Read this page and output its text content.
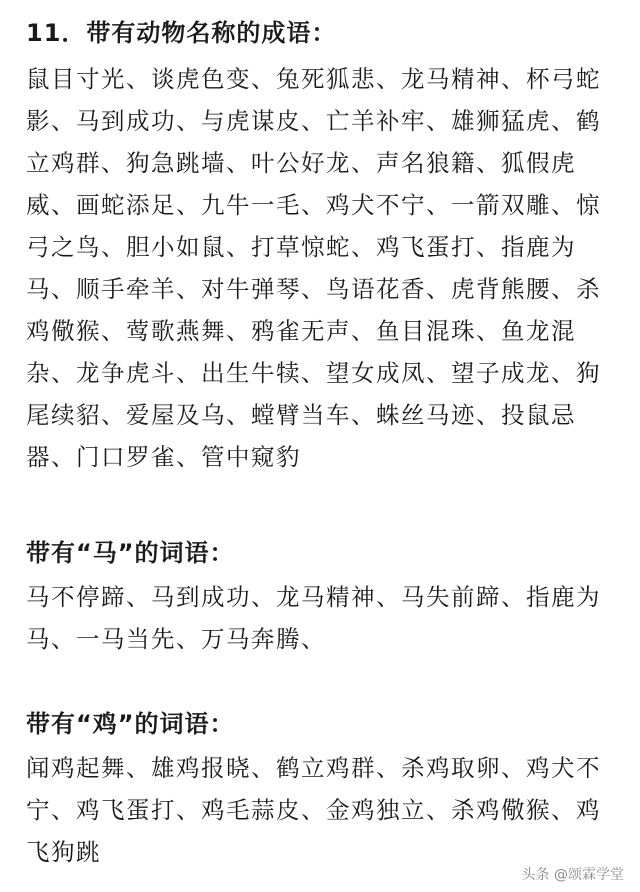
11．带有动物名称的成语：
鼠目寸光、谈虎色变、兔死狐悲、龙马精神、杯弓蛇
影、马到成功、与虎谋皮、亡羊补牢、雄狮猛虎、鹤
立鸡群、狗急跳墙、叶公好龙、声名狼籍、狐假虎
威、画蛇添足、九牛一毛、鸡犬不宁、一箭双雕、惊
弓之鸟、胆小如鼠、打草惊蛇、鸡飞蛋打、指鹿为
马、顺手牵羊、对牛弹琴、鸟语花香、虎背熊腰、杀
鸡儆猴、莺歌燕舞、鸦雀无声、鱼目混珠、鱼龙混
杂、龙争虎斗、出生牛犊、望女成凤、望子成龙、狗
尾续貂、爱屋及乌、螳臂当车、蛛丝马迹、投鼠忌
器、门口罗雀、管中窥豹
带有“马”的词语：
马不停蹄、马到成功、龙马精神、马失前蹄、指鹿为
马、一马当先、万马奔腾、
带有“鸡”的词语：
闻鸡起舞、雄鸡报晓、鹤立鸡群、杀鸡取卵、鸡犬不
宁、鸡飞蛋打、鸡毛蒜皮、金鸡独立、杀鸡儆猴、鸡
飞狗跳
头条 @颂霖学堂
